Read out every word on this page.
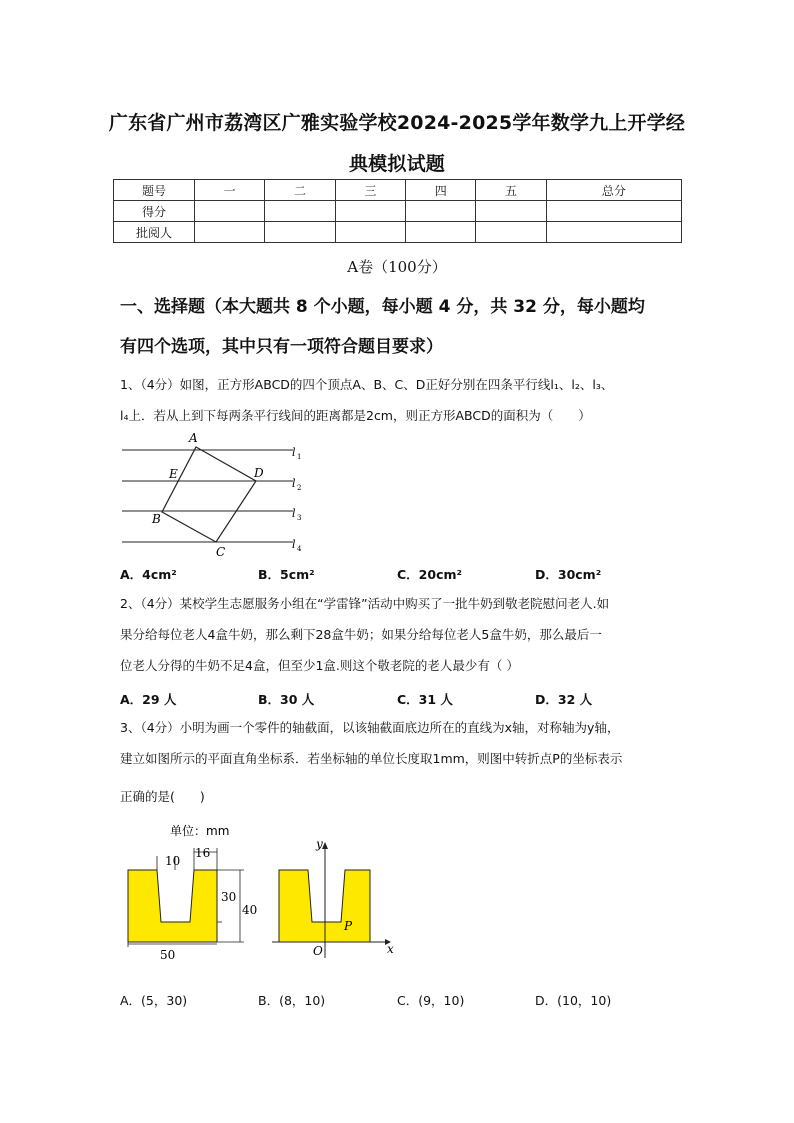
广东省广州市荔湾区广雅实验学校2024-2025学年数学九上开学经
典模拟试题
题号	一	二	三	四	五	总分
得分						
批阅人						
A卷（100分）
一、选择题（本大题共 8 个小题，每小题 4 分，共 32 分，每小题均
有四个选项，其中只有一项符合题目要求）
1、（4分）如图，正方形ABCD的四个顶点A、B、C、D正好分别在四条平行线l₁、l₂、l₃、
l₄上．若从上到下每两条平行线间的距离都是2cm，则正方形ABCD的面积为（　　）
A
E	D
B
C
l 1
l 2
l 3
l 4
A．4cm²	B．5cm²	C．20cm²	D．30cm²
2、（4分）某校学生志愿服务小组在“学雷锋”活动中购买了一批牛奶到敬老院慰问老人.如
果分给每位老人4盒牛奶，那么剩下28盒牛奶；如果分给每位老人5盒牛奶，那么最后一
位老人分得的牛奶不足4盒，但至少1盒.则这个敬老院的老人最少有（ ）
A．29 人	B．30 人	C．31 人	D．32 人
3、（4分）小明为画一个零件的轴截面，以该轴截面底边所在的直线为x轴，对称轴为y轴，
建立如图所示的平面直角坐标系．若坐标轴的单位长度取1mm，则图中转折点P的坐标表示
正确的是(　　)
单位：mm
10
16
30
40
50
y
x
O
P
A．(5，30)	B．(8，10)	C．(9，10)	D．(10，10)
